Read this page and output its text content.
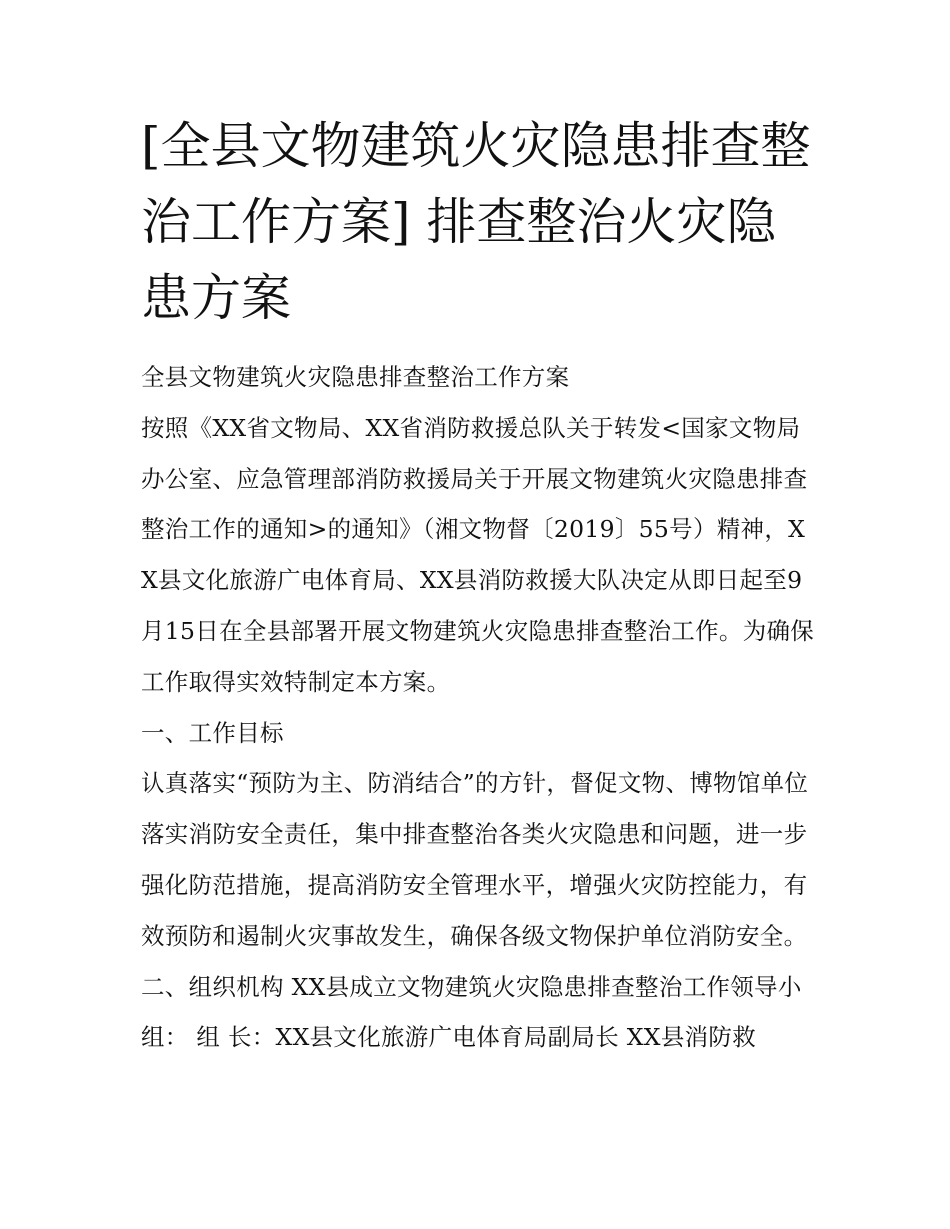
[全县文物建筑火灾隐患排查整治工作方案] 排查整治火灾隐患方案

全县文物建筑火灾隐患排查整治工作方案

按照《XX省文物局、XX省消防救援总队关于转发<国家文物局办公室、应急管理部消防救援局关于开展文物建筑火灾隐患排查整治工作的通知>的通知》（湘文物督〔2019〕55号）精神，XX县文化旅游广电体育局、XX县消防救援大队决定从即日起至9月15日在全县部署开展文物建筑火灾隐患排查整治工作。为确保工作取得实效特制定本方案。

一、工作目标

认真落实“预防为主、防消结合”的方针，督促文物、博物馆单位落实消防安全责任，集中排查整治各类火灾隐患和问题，进一步强化防范措施，提高消防安全管理水平，增强火灾防控能力，有效预防和遏制火灾事故发生，确保各级文物保护单位消防安全。

二、组织机构 XX县成立文物建筑火灾隐患排查整治工作领导小组： 组 长：XX县文化旅游广电体育局副局长 XX县消防救
